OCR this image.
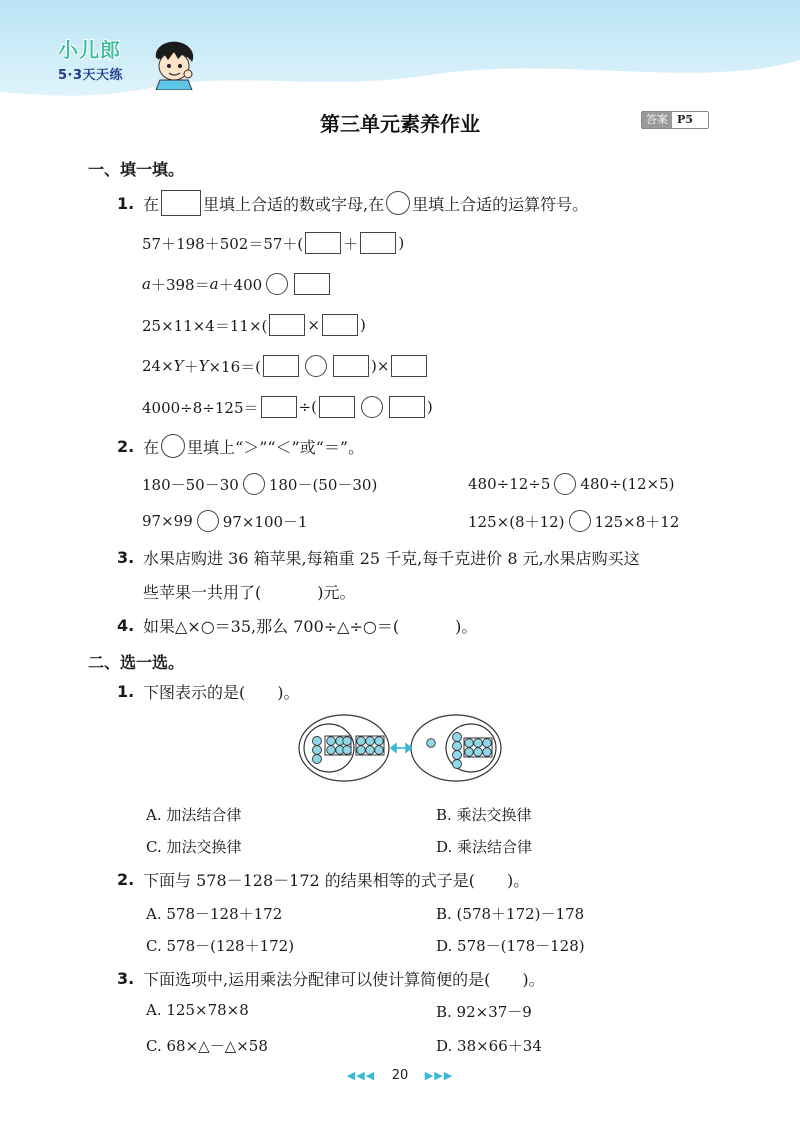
小儿郎
5·3天天练
第三单元素养作业	答案 P5
一、填一填。
1. 在	里填上合适的数或字母,在 里填上合适的运算符号。
57＋198＋502＝57＋(	＋	)
a ＋398＝ a ＋400
25×11×4＝11×(	×	)
24× Y ＋ Y ×16＝(	)×
4000÷8÷125＝	÷(	)
2. 在 里填上“＞”“＜”或“＝”。
180－50－30 180－(50－30)	480÷12÷5 480÷(12×5)
97×99 97×100－1	125×(8＋12) 125×8＋12
3. 水果店购进 36 箱苹果,每箱重 25 千克,每千克进价 8 元,水果店购买这
些苹果一共用了(	)元。
4. 如果△×○＝35,那么 700÷△÷○＝(	)。
二、选一选。
1. 下图表示的是(　　)。
A. 加法结合律	B. 乘法交换律
C. 加法交换律	D. 乘法结合律
2. 下面与 578－128－172 的结果相等的式子是(　　)。
A. 578－128＋172	B. (578＋172)－178
C. 578－(128＋172)	D. 578－(178－128)
3. 下面选项中,运用乘法分配律可以使计算简便的是(　　)。
A. 125×78×8	B. 92×37－9
C. 68×△－△×58	D. 38×66＋34
◀◀◀ 20 ▶▶▶
